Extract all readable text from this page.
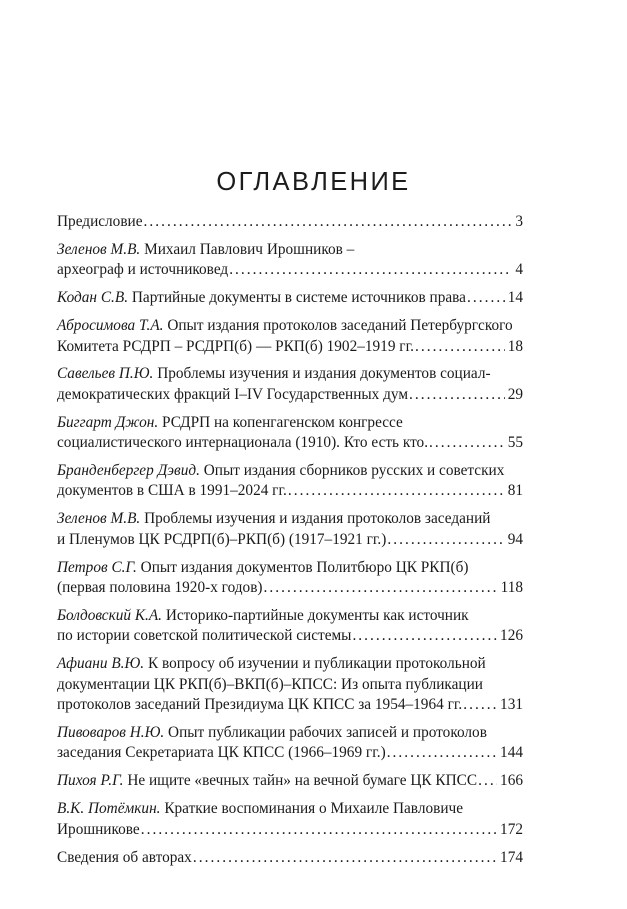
ОГЛАВЛЕНИЕ
Предисловие .....	3
Зеленов М.В. Михаил Павлович Ирошников –
археограф и источниковед .....	4
Кодан С.В. Партийные документы в системе источников права .....	14
Абросимова Т.А. Опыт издания протоколов заседаний Петербургского
Комитета РСДРП – РСДРП(б) — РКП(б) 1902–1919 гг. .....	18
Савельев П.Ю. Проблемы изучения и издания документов социал-
демократических фракций I–IV Государственных дум .....	29
Биггарт Джон. РСДРП на копенгагенском конгрессе
социалистического интернационала (1910). Кто есть кто. .....	55
Бранденбергер Дэвид. Опыт издания сборников русских и советских
документов в США в 1991–2024 гг. .....	81
Зеленов М.В. Проблемы изучения и издания протоколов заседаний
и Пленумов ЦК РСДРП(б)–РКП(б) (1917–1921 гг.) .....	94
Петров С.Г. Опыт издания документов Политбюро ЦК РКП(б)
(первая половина 1920-х годов) .....	118
Болдовский К.А. Историко-партийные документы как источник
по истории советской политической системы .....	126
Афиани В.Ю. К вопросу об изучении и публикации протокольной
документации ЦК РКП(б)–ВКП(б)–КПСС: Из опыта публикации
протоколов заседаний Президиума ЦК КПСС за 1954–1964 гг. ..... 131
Пивоваров Н.Ю. Опыт публикации рабочих записей и протоколов
заседания Секретариата ЦК КПСС (1966–1969 гг.) .....	144
Пихоя Р.Г. Не ищите «вечных тайн» на вечной бумаге ЦК КПСС ..... 166
В.К. Потёмкин. Краткие воспоминания о Михаиле Павловиче
Ирошникове .....	172
Сведения об авторах .....	174
